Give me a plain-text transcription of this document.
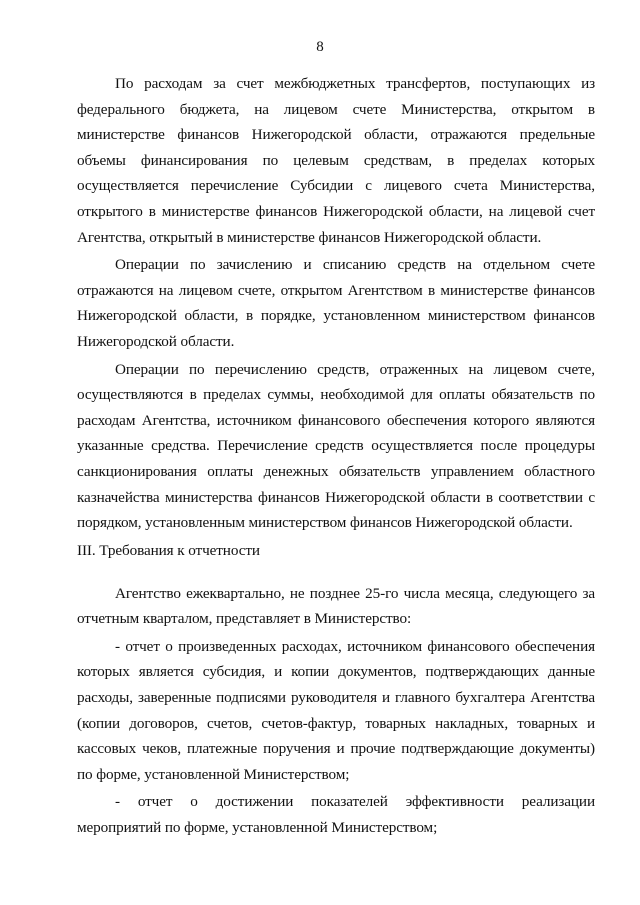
8

По расходам за счет межбюджетных трансфертов, поступающих из федерального бюджета, на лицевом счете Министерства, открытом в министерстве финансов Нижегородской области, отражаются предельные объемы финансирования по целевым средствам, в пределах которых осуществляется перечисление Субсидии с лицевого счета Министерства, открытого в министерстве финансов Нижегородской области, на лицевой счет Агентства, открытый в министерстве финансов Нижегородской области.

Операции по зачислению и списанию средств на отдельном счете отражаются на лицевом счете, открытом Агентством в министерстве финансов Нижегородской области, в порядке, установленном министерством финансов Нижегородской области.

Операции по перечислению средств, отраженных на лицевом счете, осуществляются в пределах суммы, необходимой для оплаты обязательств по расходам Агентства, источником финансового обеспечения которого являются указанные средства. Перечисление средств осуществляется после процедуры санкционирования оплаты денежных обязательств управлением областного казначейства министерства финансов Нижегородской области в соответствии с порядком, установленным министерством финансов Нижегородской области.

III. Требования к отчетности

Агентство ежеквартально, не позднее 25-го числа месяца, следующего за отчетным кварталом, представляет в Министерство:

- отчет о произведенных расходах, источником финансового обеспечения которых является субсидия, и копии документов, подтверждающих данные расходы, заверенные подписями руководителя и главного бухгалтера Агентства (копии договоров, счетов, счетов-фактур, товарных накладных, товарных и кассовых чеков, платежные поручения и прочие подтверждающие документы) по форме, установленной Министерством;

- отчет о достижении показателей эффективности реализации мероприятий по форме, установленной Министерством;
